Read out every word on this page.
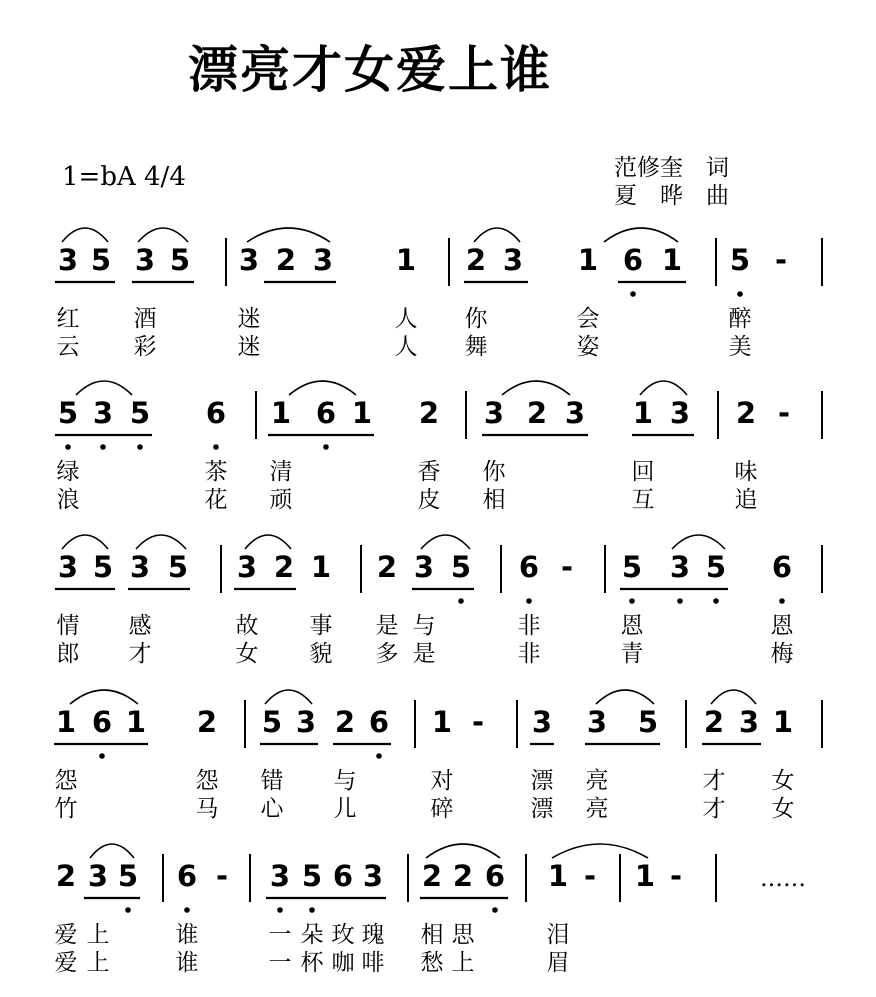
漂亮才女爱上谁
1=bA 4/4	范修奎　词
夏　晔　曲
3 5 3 5 3 2 3 1 2 3 1 6 1 5 -
红 酒	迷	人 你	会	醉
云 彩	迷	人 舞	姿	美
5 3 5 6 1 6 1 2 3 2 3 1 3 2 -
绿	茶 清	香 你	回	味
浪	花 顽	皮 相	互	追
3 5 3 5 3 2 1 2 3 5 6 - 5 3 5 6
情 感	故 事 是 与	非	恩	恩
郎 才	女 貌 多 是	非	青	梅
1 6 1 2 5 3 2 6 1 - 3 3 5 2 3 1
怨	怨 错 与	对	漂 亮	才 女
竹	马 心 儿	碎	漂 亮	才 女
2 3 5 6 - 3 5 6 3 2 2 6 1 - 1 -	……
爱 上	谁	一 朵 玫 瑰 相 思	泪
爱 上	谁	一 杯 咖 啡 愁 上	眉
